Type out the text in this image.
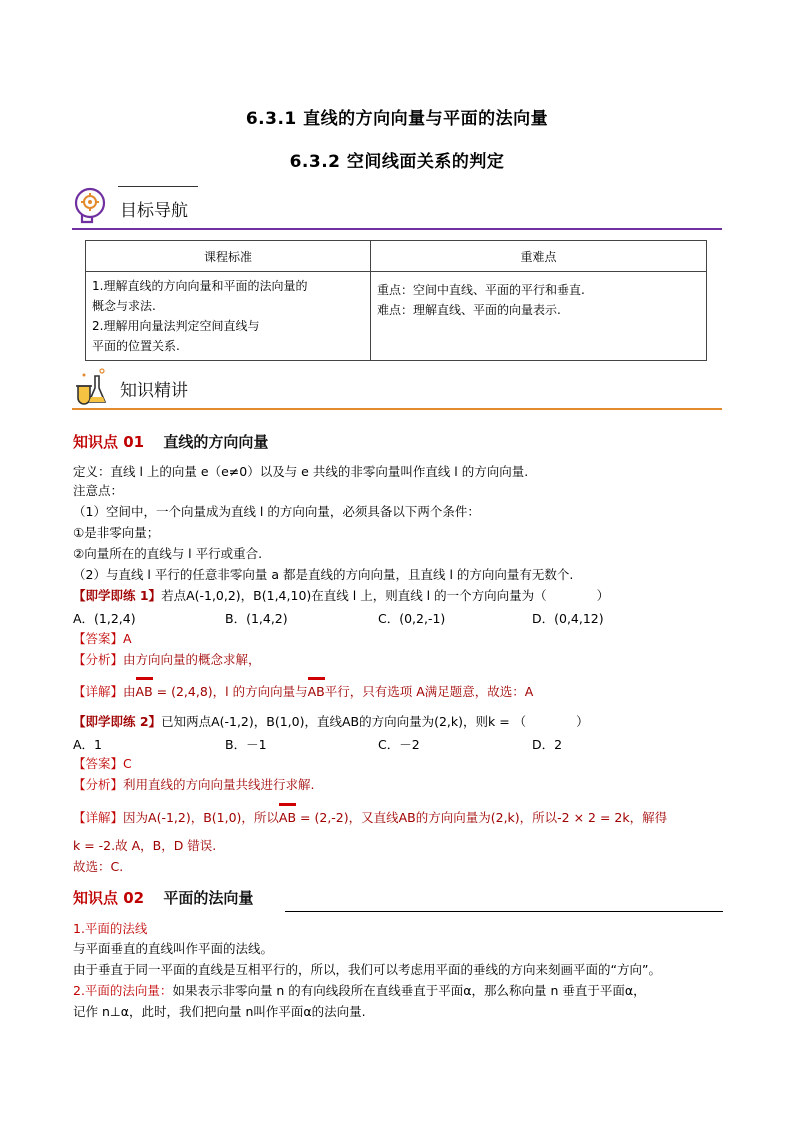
6.3.1 直线的方向向量与平面的法向量
6.3.2 空间线面关系的判定
目标导航
课程标准	重难点

1.理解直线的方向向量和平面的法向量的
概念与求法.
2.理解用向量法判定空间直线与
平面的位置关系.	重点：空间中直线、平面的平行和垂直.
难点：理解直线、平面的向量表示.
知识精讲
知识点 01 直线的方向向量
定义：直线 l 上的向量 e（e≠0）以及与 e 共线的非零向量叫作直线 l 的方向向量.
注意点：
（1）空间中，一个向量成为直线 l 的方向向量，必须具备以下两个条件：
①是非零向量；
②向量所在的直线与 l 平行或重合.
（2）与直线 l 平行的任意非零向量 a 都是直线的方向向量，且直线 l 的方向向量有无数个.
【即学即练 1】若点A(-1,0,2)，B(1,4,10)在直线 l 上，则直线 l 的一个方向向量为（　　　　）
A．(1,2,4)	B．(1,4,2)	C．(0,2,-1)	D．(0,4,12)
【答案】A
【分析】由方向向量的概念求解，
【详解】由AB = (2,4,8)，l 的方向向量与AB平行，只有选项 A满足题意，故选：A
【即学即练 2】已知两点A(-1,2)，B(1,0)，直线AB的方向向量为(2,k)，则k = （　　　　）
A．1	B．－1	C．－2	D．2
【答案】C
【分析】利用直线的方向向量共线进行求解.
【详解】因为A(-1,2)，B(1,0)，所以AB = (2,-2)，又直线AB的方向向量为(2,k)，所以-2 × 2 = 2k，解得
k = -2.故 A，B，D 错误.
故选：C.
知识点 02 平面的法向量
1.平面的法线
与平面垂直的直线叫作平面的法线。
由于垂直于同一平面的直线是互相平行的，所以，我们可以考虑用平面的垂线的方向来刻画平面的“方向”。
2.平面的法向量：如果表示非零向量 n 的有向线段所在直线垂直于平面α，那么称向量 n 垂直于平面α，
记作 n⊥α，此时，我们把向量 n叫作平面α的法向量.
